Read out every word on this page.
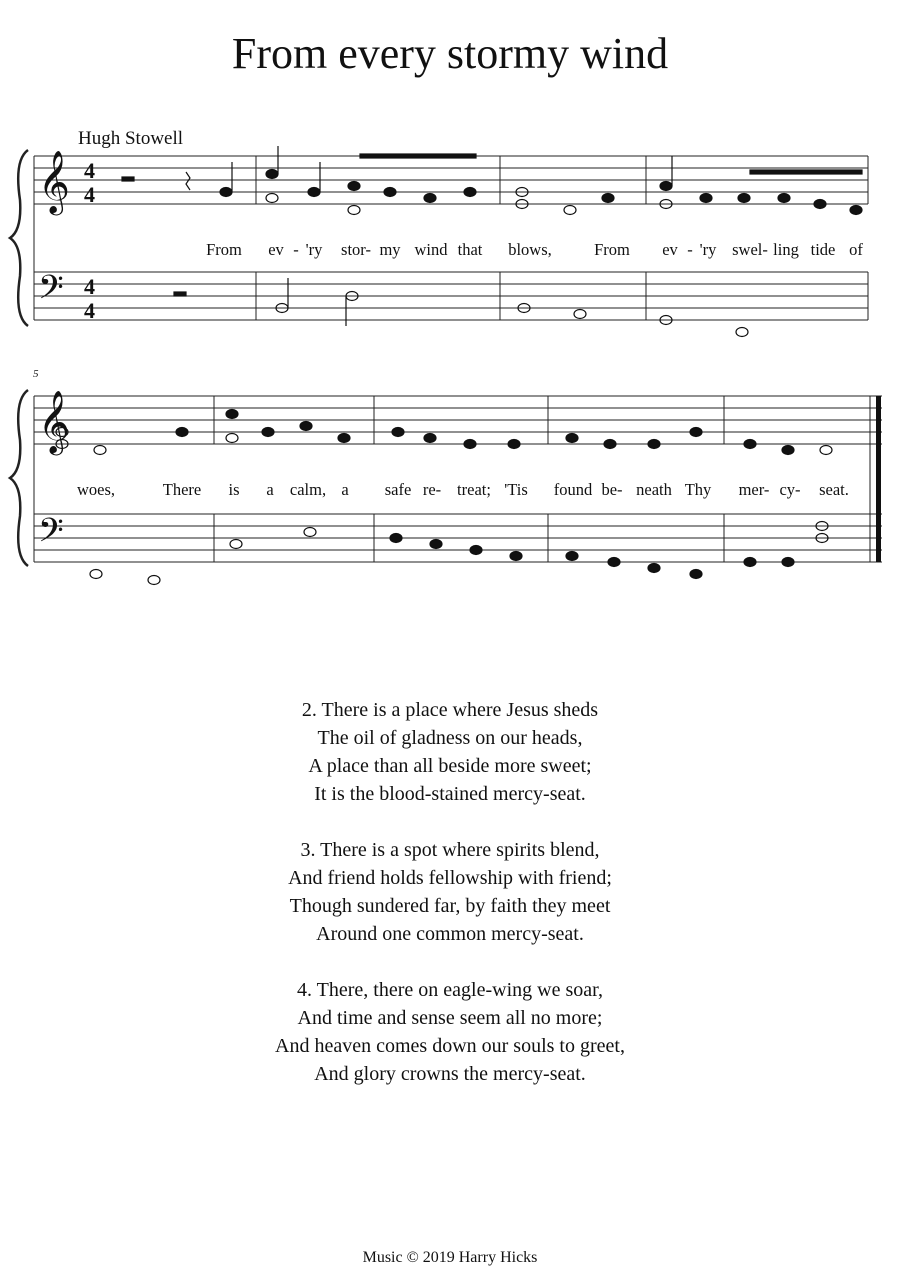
From every stormy wind
Hugh Stowell
5
𝄞
𝄢
𝄞
𝄢
4
4
4
4
From ev - 'ry stor- my wind that blows,	From ev - 'ry swel- ling tide of
woes,	There is a calm, a safe re- treat; 'Tis found be- neath Thy mer- cy- seat.
2. There is a place where Jesus sheds
The oil of gladness on our heads,
A place than all beside more sweet;
It is the blood-stained mercy-seat.
3. There is a spot where spirits blend,
And friend holds fellowship with friend;
Though sundered far, by faith they meet
Around one common mercy-seat.
4. There, there on eagle-wing we soar,
And time and sense seem all no more;
And heaven comes down our souls to greet,
And glory crowns the mercy-seat.
Music © 2019 Harry Hicks
